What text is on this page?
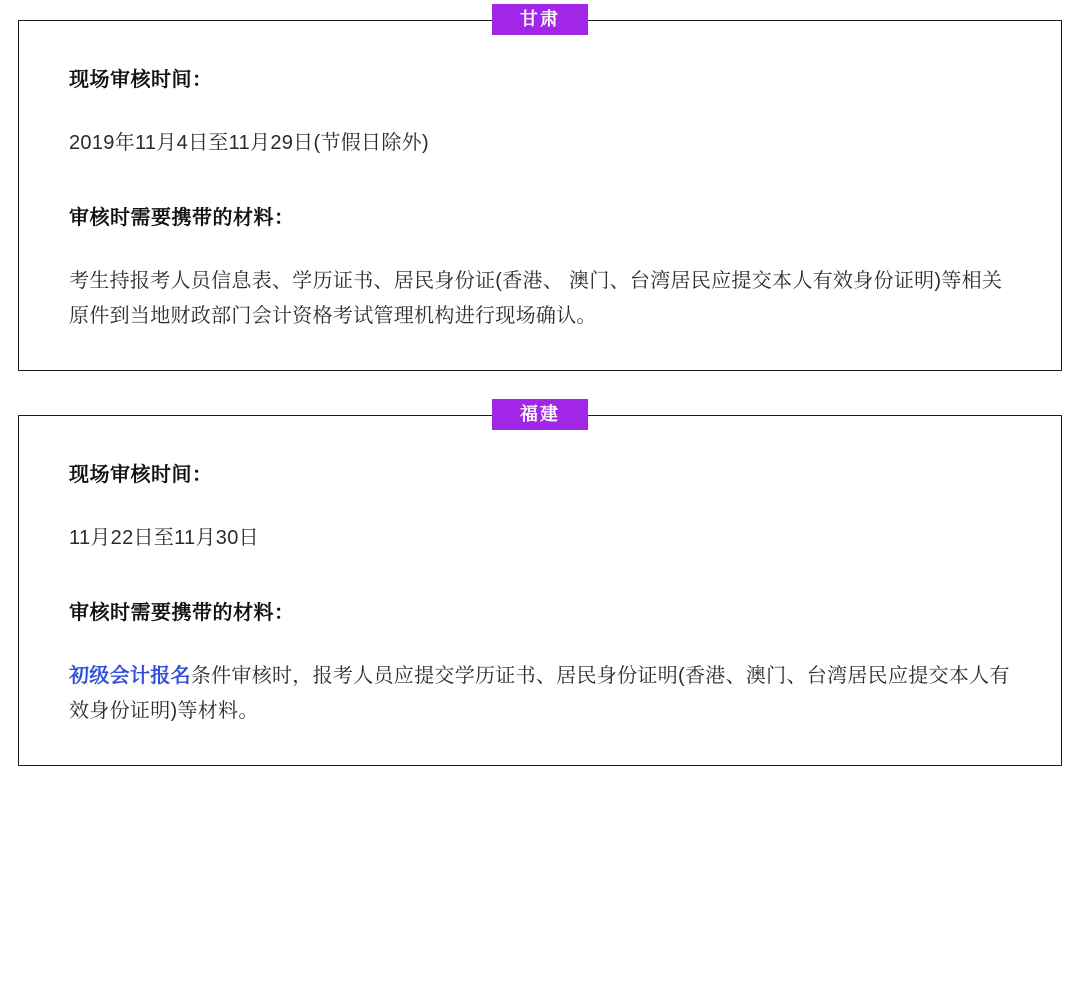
甘肃
现场审核时间：
2019年11月4日至11月29日(节假日除外)
审核时需要携带的材料：
考生持报考人员信息表、学历证书、居民身份证(香港、 澳门、台湾居民应提交本人有效身份证明)等相关原件到当地财政部门会计资格考试管理机构进行现场确认。
福建
现场审核时间：
11月22日至11月30日
审核时需要携带的材料：
初级会计报名条件审核时，报考人员应提交学历证书、居民身份证明(香港、澳门、台湾居民应提交本人有效身份证明)等材料。
